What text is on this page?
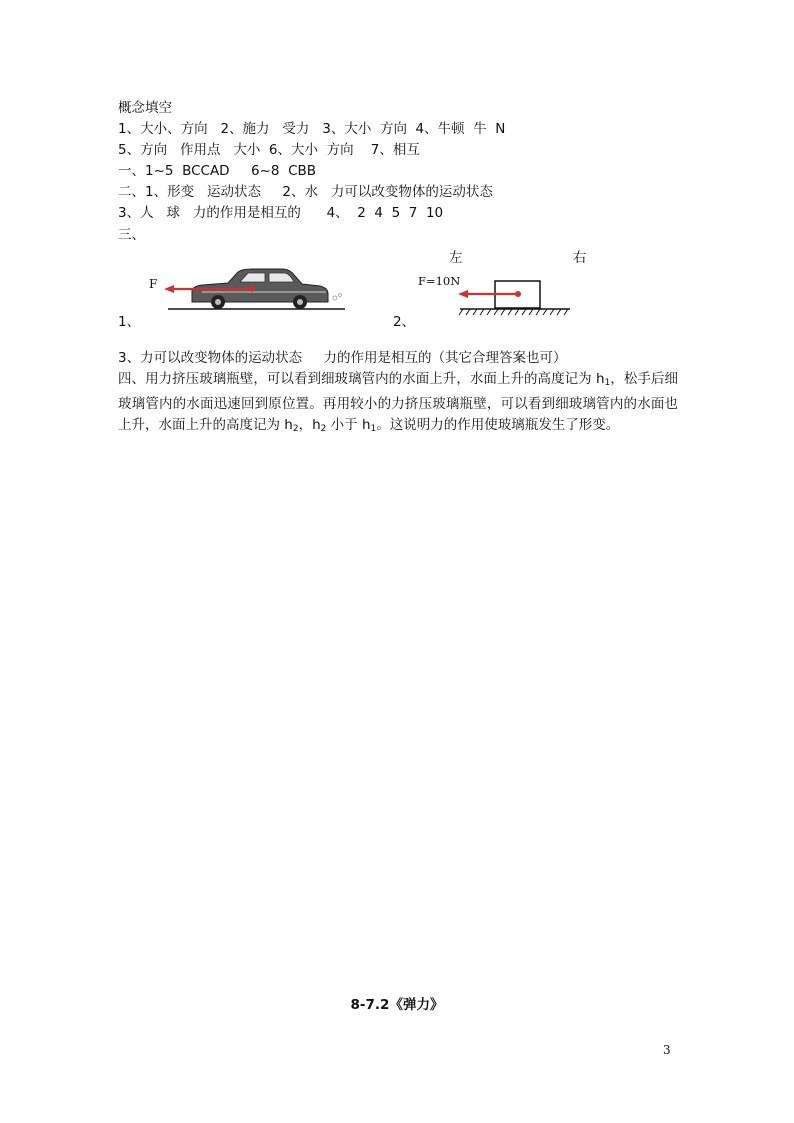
概念填空
1、大小、方向   2、施力   受力   3、大小  方向  4、牛顿  牛  N
5、方向   作用点   大小  6、大小  方向    7、相互
一、1~5  BCCAD     6~8  CBB
二、1、形变   运动状态     2、水   力可以改变物体的运动状态
3、人   球   力的作用是相互的      4、  2  4  5  7  10
三、
1、
F
2、
左	右
F=10N
3、力可以改变物体的运动状态     力的作用是相互的（其它合理答案也可）
四、用力挤压玻璃瓶壁，可以看到细玻璃管内的水面上升，水面上升的高度记为 $h_1$，松手后细玻璃管内的水面迅速回到原位置。再用较小的力挤压玻璃瓶壁，可以看到细玻璃管内的水面也上升，水面上升的高度记为 $h_2$，$h_2$ 小于 $h_1$。这说明力的作用使玻璃瓶发生了形变。
8-7.2《弹力》
3
